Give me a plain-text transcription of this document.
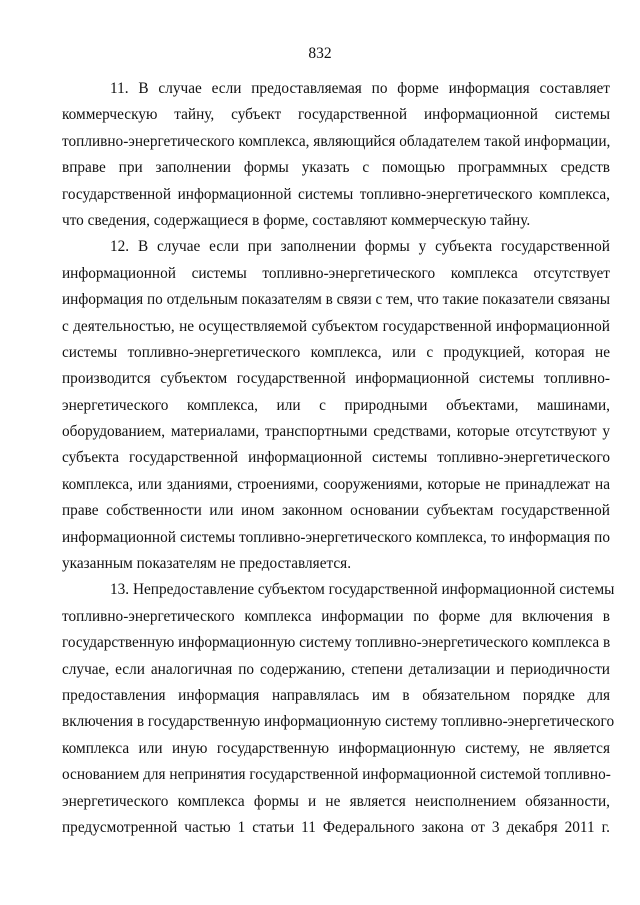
832
11. В случае если предоставляемая по форме информация составляет
коммерческую тайну, субъект государственной информационной системы
топливно-энергетического комплекса, являющийся обладателем такой информации,
вправе при заполнении формы указать с помощью программных средств
государственной информационной системы топливно-энергетического комплекса,
что сведения, содержащиеся в форме, составляют коммерческую тайну.
12. В случае если при заполнении формы у субъекта государственной
информационной системы топливно-энергетического комплекса отсутствует
информация по отдельным показателям в связи с тем, что такие показатели связаны
с деятельностью, не осуществляемой субъектом государственной информационной
системы топливно-энергетического комплекса, или с продукцией, которая не
производится субъектом государственной информационной системы топливно-
энергетического комплекса, или с природными объектами, машинами,
оборудованием, материалами, транспортными средствами, которые отсутствуют у
субъекта государственной информационной системы топливно-энергетического
комплекса, или зданиями, строениями, сооружениями, которые не принадлежат на
праве собственности или ином законном основании субъектам государственной
информационной системы топливно-энергетического комплекса, то информация по
указанным показателям не предоставляется.
13. Непредоставление субъектом государственной информационной системы
топливно-энергетического комплекса информации по форме для включения в
государственную информационную систему топливно-энергетического комплекса в
случае, если аналогичная по содержанию, степени детализации и периодичности
предоставления информация направлялась им в обязательном порядке для
включения в государственную информационную систему топливно-энергетического
комплекса или иную государственную информационную систему, не является
основанием для непринятия государственной информационной системой топливно-
энергетического комплекса формы и не является неисполнением обязанности,
предусмотренной частью 1 статьи 11 Федерального закона от 3 декабря 2011 г.
